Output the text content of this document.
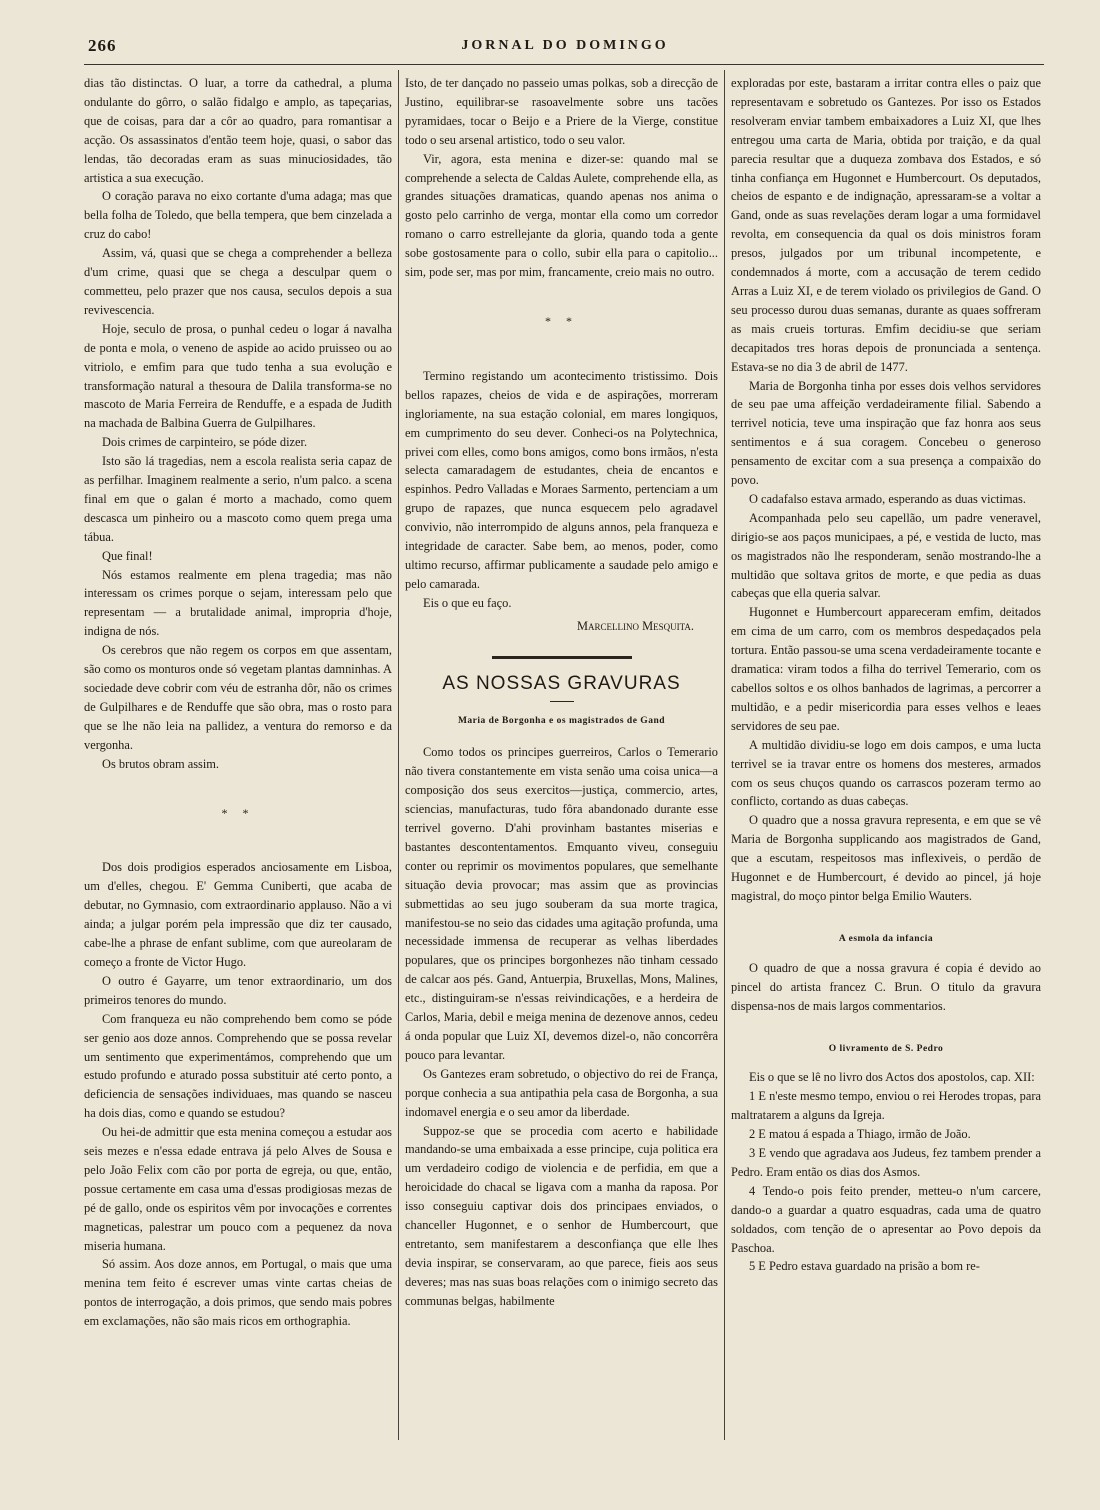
266	JORNAL DO DOMINGO

dias tão distinctas. O luar, a torre da cathedral, a pluma ondulante do gôrro, o salão fidalgo e amplo, as tapeçarias, que de coisas, para dar a côr ao quadro, para romantisar a acção. Os assassinatos d'então teem hoje, quasi, o sabor das lendas, tão decoradas eram as suas minuciosidades, tão artistica a sua execução.

O coração parava no eixo cortante d'uma adaga; mas que bella folha de Toledo, que bella tempera, que bem cinzelada a cruz do cabo!

Assim, vá, quasi que se chega a comprehender a belleza d'um crime, quasi que se chega a desculpar quem o commetteu, pelo prazer que nos causa, seculos depois a sua revivescencia.

Hoje, seculo de prosa, o punhal cedeu o logar á navalha de ponta e mola, o veneno de aspide ao acido pruisseo ou ao vitriolo, e emfim para que tudo tenha a sua evolução e transformação natural a thesoura de Dalila transforma-se no mascoto de Maria Ferreira de Renduffe, e a espada de Judith na machada de Balbina Guerra de Gulpilhares.

Dois crimes de carpinteiro, se póde dizer.

Isto são lá tragedias, nem a escola realista seria capaz de as perfilhar. Imaginem realmente a serio, n'um palco. a scena final em que o galan é morto a machado, como quem descasca um pinheiro ou a mascoto como quem prega uma tábua.

Que final!

Nós estamos realmente em plena tragedia; mas não interessam os crimes porque o sejam, interessam pelo que representam — a brutalidade animal, impropria d'hoje, indigna de nós.

Os cerebros que não regem os corpos em que assentam, são como os monturos onde só vegetam plantas damninhas. A sociedade deve cobrir com véu de estranha dôr, não os crimes de Gulpilhares e de Renduffe que são obra, mas o rosto para que se lhe não leia na pallidez, a ventura do remorso e da vergonha.

Os brutos obram assim.

* *

Dos dois prodigios esperados anciosamente em Lisboa, um d'elles, chegou. E' Gemma Cuniberti, que acaba de debutar, no Gymnasio, com extraordinario applauso. Não a vi ainda; a julgar porém pela impressão que diz ter causado, cabe-lhe a phrase de enfant sublime, com que aureolaram de começo a fronte de Victor Hugo.

O outro é Gayarre, um tenor extraordinario, um dos primeiros tenores do mundo.

Com franqueza eu não comprehendo bem como se póde ser genio aos doze annos. Comprehendo que se possa revelar um sentimento que experimentámos, comprehendo que um estudo profundo e aturado possa substituir até certo ponto, a deficiencia de sensações individuaes, mas quando se nasceu ha dois dias, como e quando se estudou?

Ou hei-de admittir que esta menina começou a estudar aos seis mezes e n'essa edade entrava já pelo Alves de Sousa e pelo João Felix com cão por porta de egreja, ou que, então, possue certamente em casa uma d'essas prodigiosas mezas de pé de gallo, onde os espiritos vêm por invocações e correntes magneticas, palestrar um pouco com a pequenez da nova miseria humana.

Só assim. Aos doze annos, em Portugal, o mais que uma menina tem feito é escrever umas vinte cartas cheias de pontos de interrogação, a dois primos, que sendo mais pobres em exclamações, não são mais ricos em orthographia.

Isto, de ter dançado no passeio umas polkas, sob a direcção de Justino, equilibrar-se rasoavelmente sobre uns tacões pyramidaes, tocar o Beijo e a Priere de la Vierge, constitue todo o seu arsenal artistico, todo o seu valor.

Vir, agora, esta menina e dizer-se: quando mal se comprehende a selecta de Caldas Aulete, comprehende ella, as grandes situações dramaticas, quando apenas nos anima o gosto pelo carrinho de verga, montar ella como um corredor romano o carro estrellejante da gloria, quando toda a gente sobe gostosamente para o collo, subir ella para o capitolio... sim, pode ser, mas por mim, francamente, creio mais no outro.

* *

Termino registando um acontecimento tristissimo. Dois bellos rapazes, cheios de vida e de aspirações, morreram ingloriamente, na sua estação colonial, em mares longiquos, em cumprimento do seu dever. Conheci-os na Polytechnica, privei com elles, como bons amigos, como bons irmãos, n'esta selecta camaradagem de estudantes, cheia de encantos e espinhos. Pedro Valladas e Moraes Sarmento, pertenciam a um grupo de rapazes, que nunca esquecem pelo agradavel convivio, não interrompido de alguns annos, pela franqueza e integridade de caracter. Sabe bem, ao menos, poder, como ultimo recurso, affirmar publicamente a saudade pelo amigo e pelo camarada.

Eis o que eu faço.

Marcellino Mesquita.
AS NOSSAS GRAVURAS
Maria de Borgonha e os magistrados de Gand

Como todos os principes guerreiros, Carlos o Temerario não tivera constantemente em vista senão uma coisa unica—a composição dos seus exercitos—justiça, commercio, artes, sciencias, manufacturas, tudo fôra abandonado durante esse terrivel governo. D'ahi provinham bastantes miserias e bastantes descontentamentos. Emquanto viveu, conseguiu conter ou reprimir os movimentos populares, que semelhante situação devia provocar; mas assim que as provincias submettidas ao seu jugo souberam da sua morte tragica, manifestou-se no seio das cidades uma agitação profunda, uma necessidade immensa de recuperar as velhas liberdades populares, que os principes borgonhezes não tinham cessado de calcar aos pés. Gand, Antuerpia, Bruxellas, Mons, Malines, etc., distinguiram-se n'essas reivindicações, e a herdeira de Carlos, Maria, debil e meiga menina de dezenove annos, cedeu á onda popular que Luiz XI, devemos dizel-o, não concorrêra pouco para levantar.

Os Gantezes eram sobretudo, o objectivo do rei de França, porque conhecia a sua antipathia pela casa de Borgonha, a sua indomavel energia e o seu amor da liberdade.

Suppoz-se que se procedia com acerto e habilidade mandando-se uma embaixada a esse principe, cuja politica era um verdadeiro codigo de violencia e de perfidia, em que a heroicidade do chacal se ligava com a manha da raposa. Por isso conseguiu captivar dois dos principaes enviados, o chanceller Hugonnet, e o senhor de Humbercourt, que entretanto, sem manifestarem a desconfiança que elle lhes devia inspirar, se conservaram, ao que parece, fieis aos seus deveres; mas nas suas boas relações com o inimigo secreto das communas belgas, habilmente

exploradas por este, bastaram a irritar contra elles o paiz que representavam e sobretudo os Gantezes. Por isso os Estados resolveram enviar tambem embaixadores a Luiz XI, que lhes entregou uma carta de Maria, obtida por traição, e da qual parecia resultar que a duqueza zombava dos Estados, e só tinha confiança em Hugonnet e Humbercourt. Os deputados, cheios de espanto e de indignação, apressaram-se a voltar a Gand, onde as suas revelações deram logar a uma formidavel revolta, em consequencia da qual os dois ministros foram presos, julgados por um tribunal incompetente, e condemnados á morte, com a accusação de terem cedido Arras a Luiz XI, e de terem violado os privilegios de Gand. O seu processo durou duas semanas, durante as quaes soffreram as mais crueis torturas. Emfim decidiu-se que seriam decapitados tres horas depois de pronunciada a sentença. Estava-se no dia 3 de abril de 1477.

Maria de Borgonha tinha por esses dois velhos servidores de seu pae uma affeição verdadeiramente filial. Sabendo a terrivel noticia, teve uma inspiração que faz honra aos seus sentimentos e á sua coragem. Concebeu o generoso pensamento de excitar com a sua presença a compaixão do povo.

O cadafalso estava armado, esperando as duas victimas.

Acompanhada pelo seu capellão, um padre veneravel, dirigio-se aos paços municipaes, a pé, e vestida de lucto, mas os magistrados não lhe responderam, senão mostrando-lhe a multidão que soltava gritos de morte, e que pedia as duas cabeças que ella queria salvar.

Hugonnet e Humbercourt appareceram emfim, deitados em cima de um carro, com os membros despedaçados pela tortura. Então passou-se uma scena verdadeiramente tocante e dramatica: viram todos a filha do terrivel Temerario, com os cabellos soltos e os olhos banhados de lagrimas, a percorrer a multidão, e a pedir misericordia para esses velhos e leaes servidores de seu pae.

A multidão dividiu-se logo em dois campos, e uma lucta terrivel se ia travar entre os homens dos mesteres, armados com os seus chuços quando os carrascos pozeram termo ao conflicto, cortando as duas cabeças.

O quadro que a nossa gravura representa, e em que se vê Maria de Borgonha supplicando aos magistrados de Gand, que a escutam, respeitosos mas inflexiveis, o perdão de Hugonnet e de Humbercourt, é devido ao pincel, já hoje magistral, do moço pintor belga Emilio Wauters.

A esmola da infancia

O quadro de que a nossa gravura é copia é devido ao pincel do artista francez C. Brun. O titulo da gravura dispensa-nos de mais largos commentarios.

O livramento de S. Pedro

Eis o que se lê no livro dos Actos dos apostolos, cap. XII:

1 E n'este mesmo tempo, enviou o rei Herodes tropas, para maltratarem a alguns da Igreja.

2 E matou á espada a Thiago, irmão de João.

3 E vendo que agradava aos Judeus, fez tambem prender a Pedro. Eram então os dias dos Asmos.

4 Tendo-o pois feito prender, metteu-o n'um carcere, dando-o a guardar a quatro esquadras, cada uma de quatro soldados, com tenção de o apresentar ao Povo depois da Paschoa.

5 E Pedro estava guardado na prisão a bom re-
